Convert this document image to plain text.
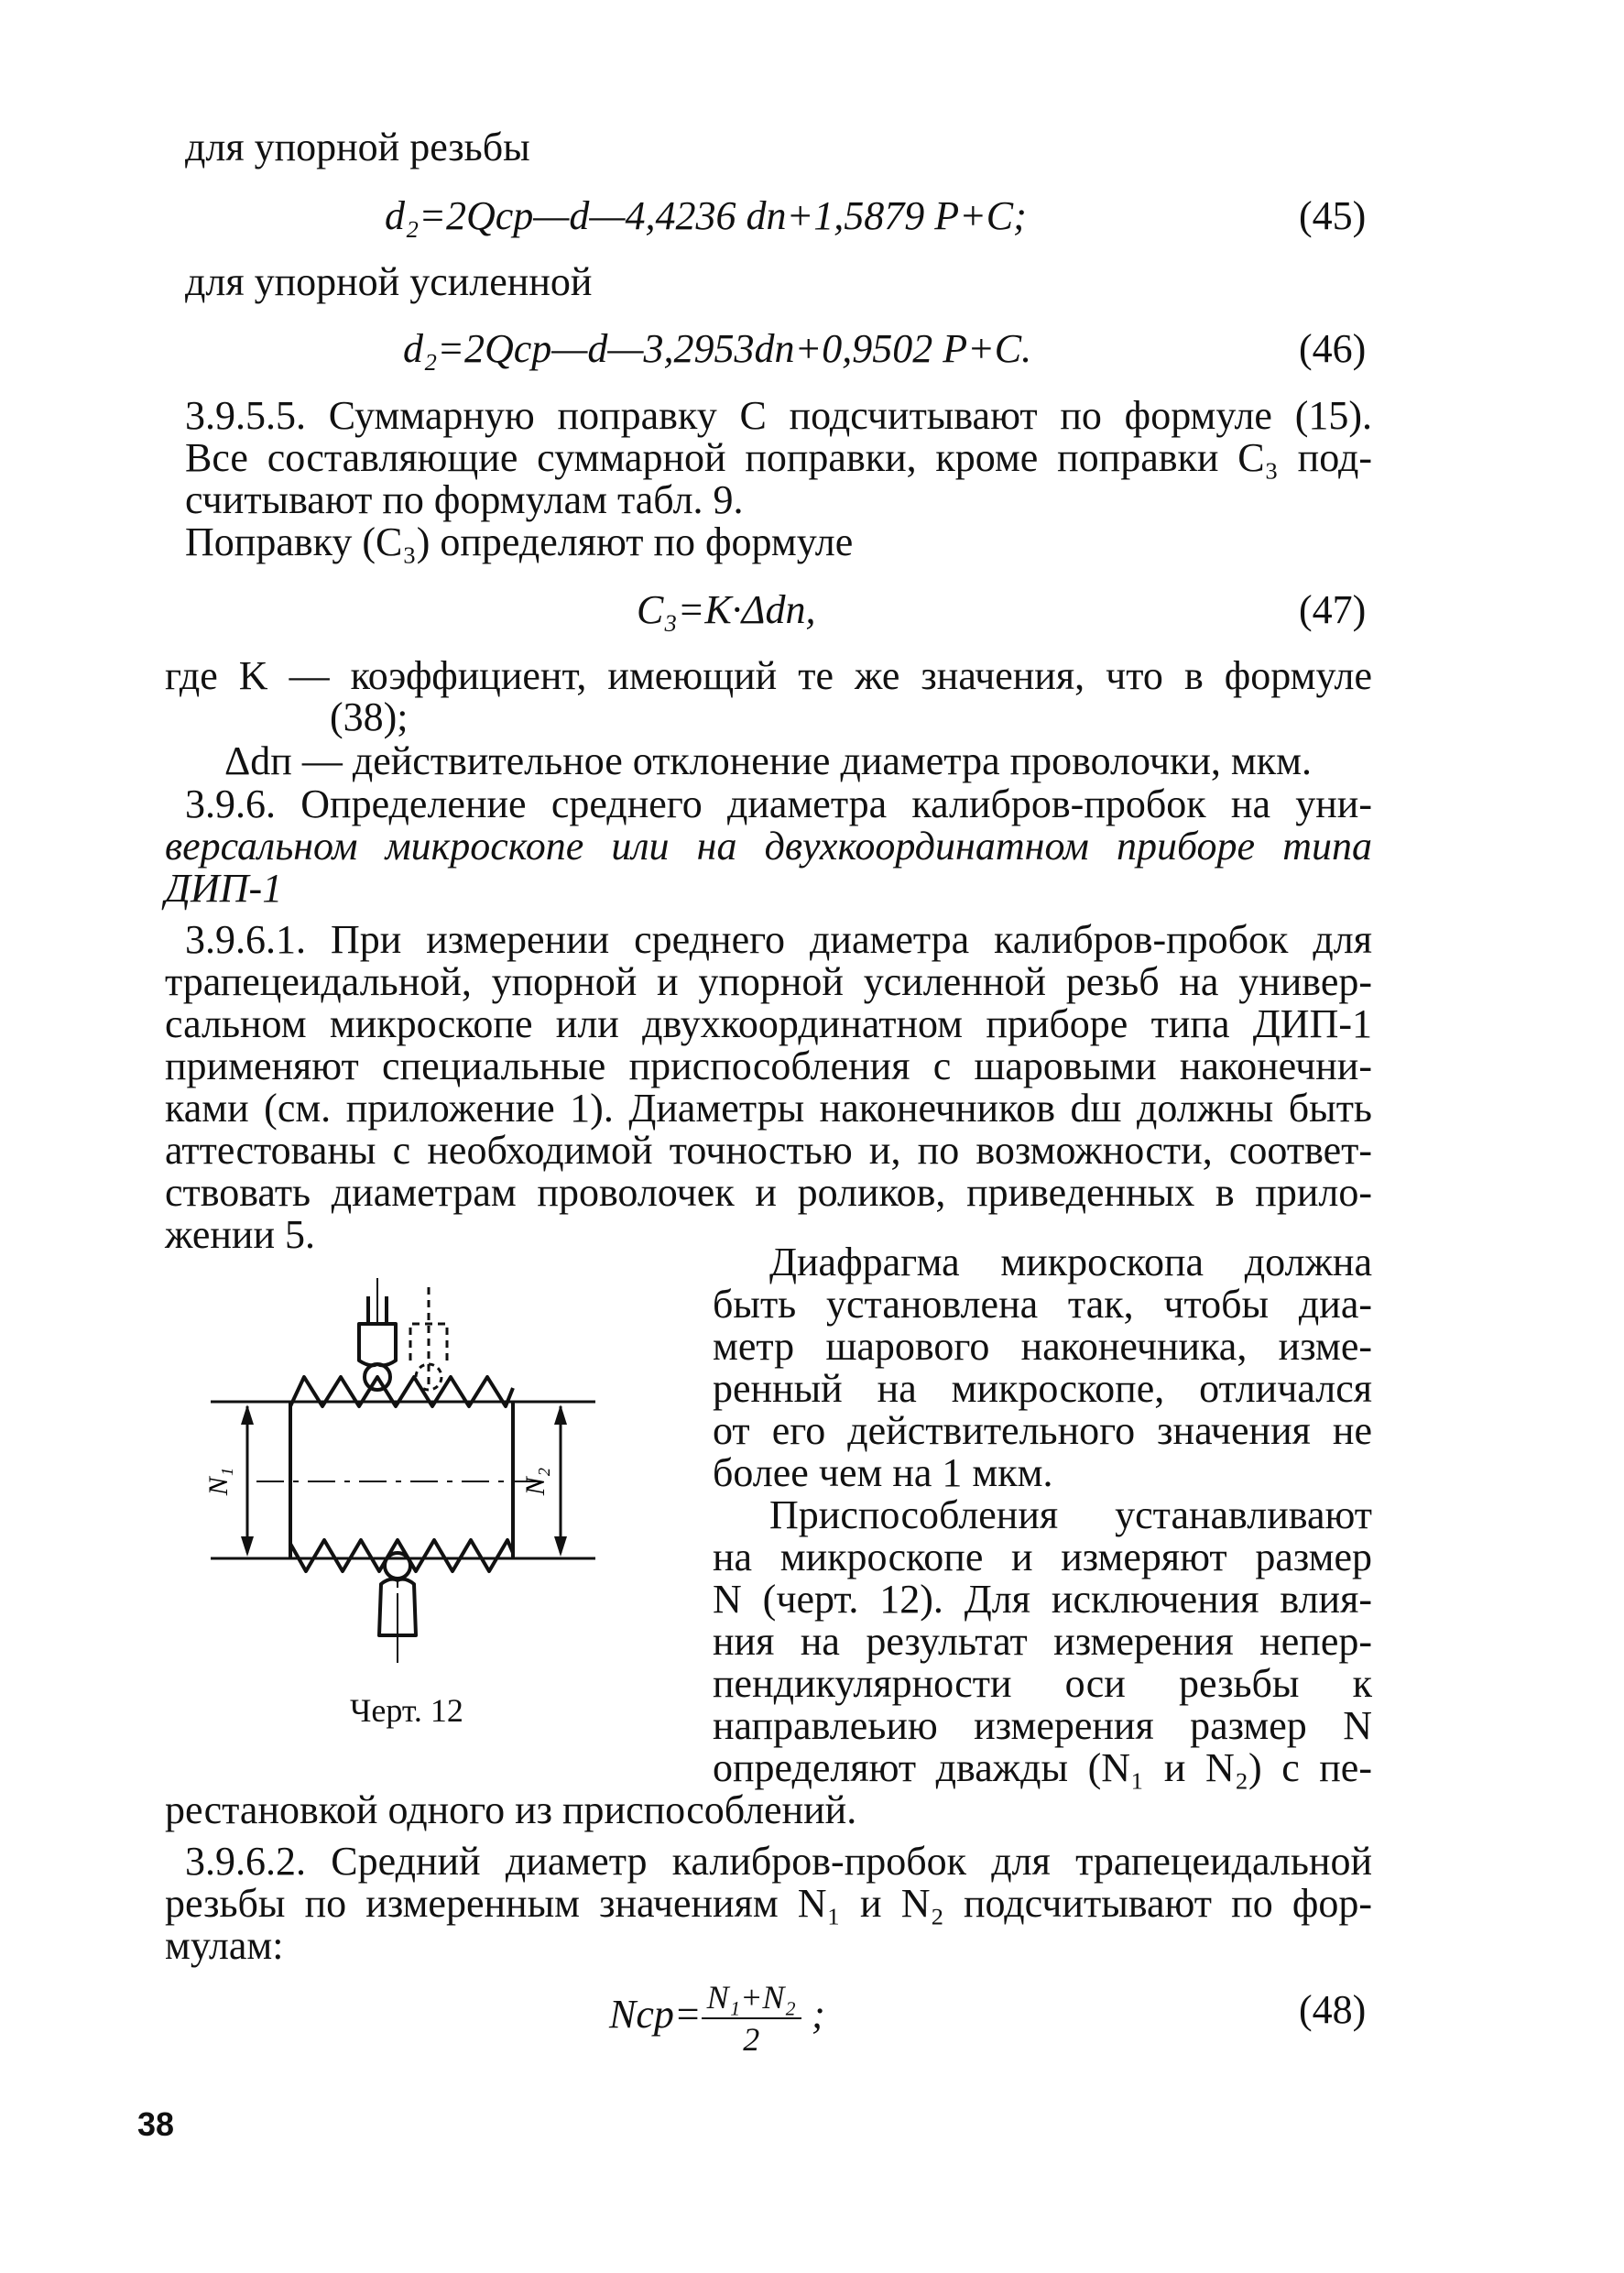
для упорной резьбы
d₂=2Qср—d—4,4236 dп+1,5879 P+C;	(45)
для упорной усиленной
d₂=2Qср—d—3,2953dп+0,9502 P+C.	(46)
3.9.5.5. Суммарную поправку C подсчитывают по формуле (15).
Все составляющие суммарной поправки, кроме поправки C₃ под-
считывают по формулам табл. 9.
Поправку (C₃) определяют по формуле
C₃=K·Δdп,	(47)
где K — коэффициент, имеющий те же значения, что в формуле
(38);
Δdп — действительное отклонение диаметра проволочки, мкм.
3.9.6. Определение среднего диаметра калибров-пробок на уни-
версальном микроскопе или на двухкоординатном приборе типа
ДИП-1
3.9.6.1. При измерении среднего диаметра калибров-пробок для
трапецеидальной, упорной и упорной усиленной резьб на универ-
сальном микроскопе или двухкоординатном приборе типа ДИП-1
применяют специальные приспособления с шаровыми наконечни-
ками (см. приложение 1). Диаметры наконечников dш должны быть
аттестованы с необходимой точностью и, по возможности, соответ-
ствовать диаметрам проволочек и роликов, приведенных в прило-
жении 5.
N₁	N₂
Черт. 12
Диафрагма микроскопа должна
быть установлена так, чтобы диа-
метр шарового наконечника, изме-
ренный на микроскопе, отличался
от его действительного значения не
более чем на 1 мкм.
Приспособления устанавливают
на микроскопе и измеряют размер
N (черт. 12). Для исключения влия-
ния на результат измерения непер-
пендикулярности оси резьбы к
направлеьию измерения размер N
определяют дважды (N₁ и N₂) с пе-
рестановкой одного из приспособлений.
3.9.6.2. Средний диаметр калибров-пробок для трапецеидальной
резьбы по измеренным значениям N₁ и N₂ подсчитывают по фор-
мулам:
$Nср= \frac{\text{N₁+N₂}}{2}$ ;	(48)
38
